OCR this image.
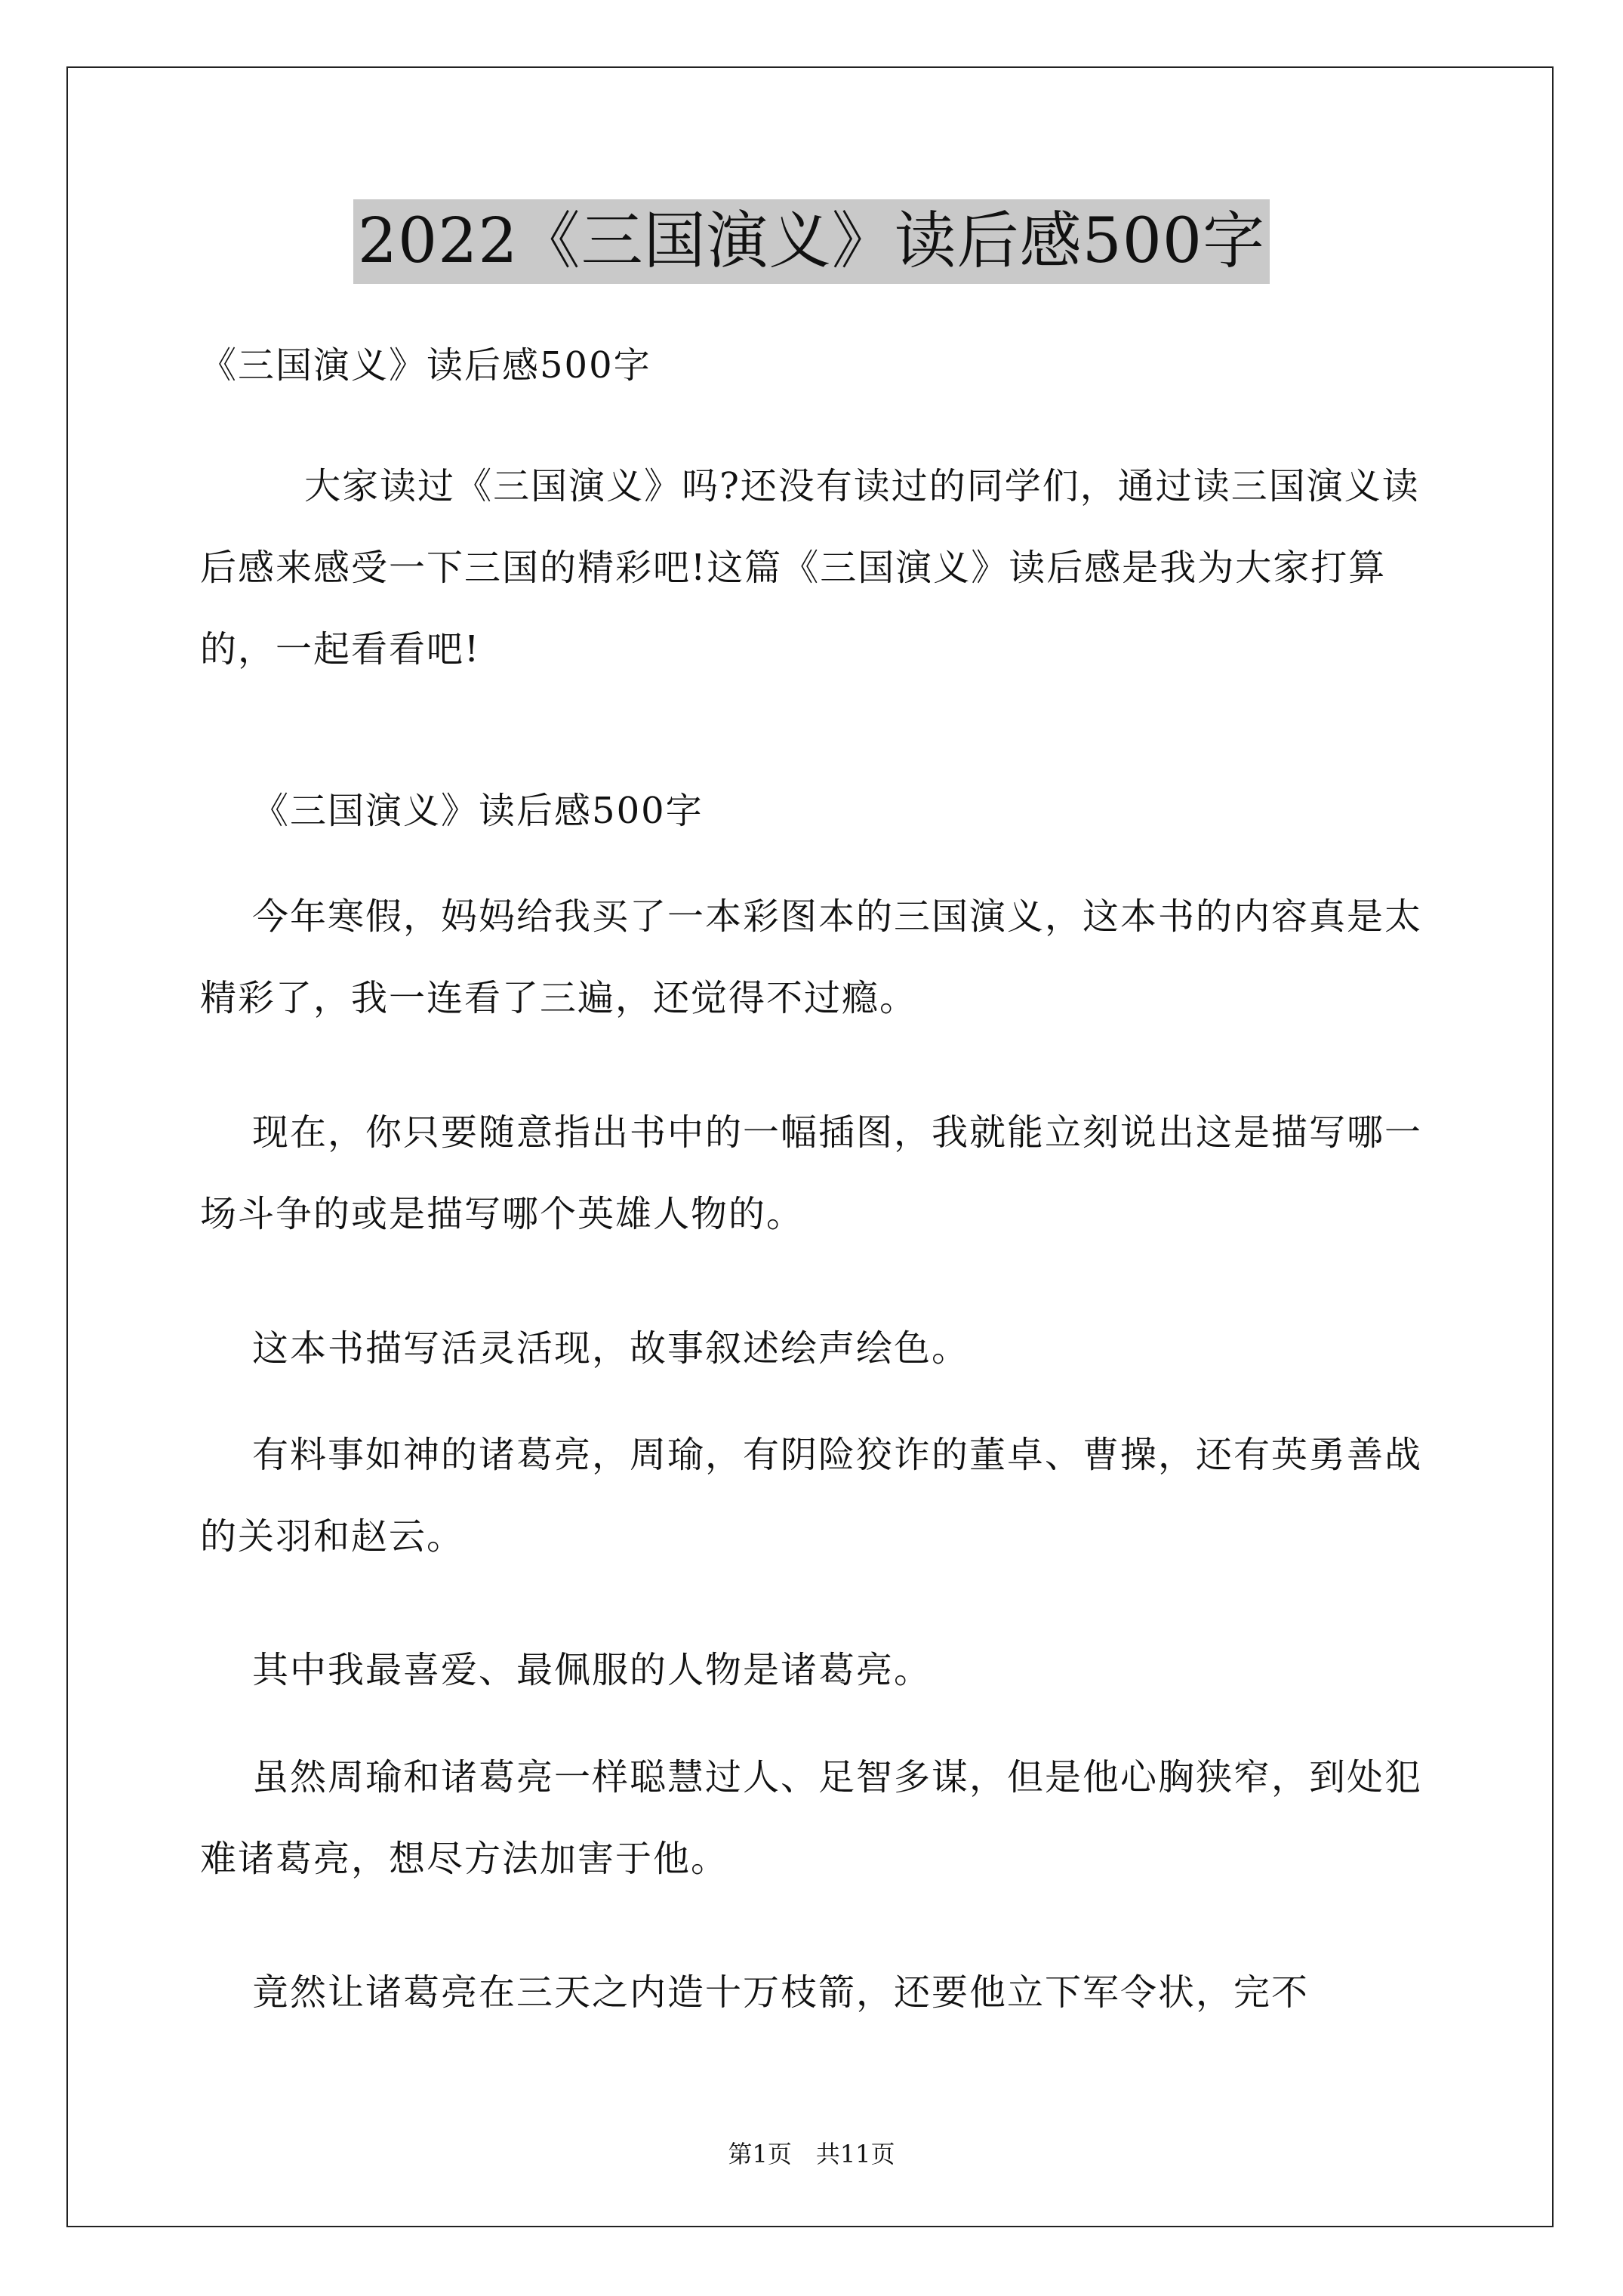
2022《三国演义》读后感500字

《三国演义》读后感500字

大家读过《三国演义》吗?还没有读过的同学们，通过读三国演义读后感来感受一下三国的精彩吧!这篇《三国演义》读后感是我为大家打算的，一起看看吧!

《三国演义》读后感500字

今年寒假，妈妈给我买了一本彩图本的三国演义，这本书的内容真是太精彩了，我一连看了三遍，还觉得不过瘾。

现在，你只要随意指出书中的一幅插图，我就能立刻说出这是描写哪一场斗争的或是描写哪个英雄人物的。

这本书描写活灵活现，故事叙述绘声绘色。

有料事如神的诸葛亮，周瑜，有阴险狡诈的董卓、曹操，还有英勇善战的关羽和赵云。

其中我最喜爱、最佩服的人物是诸葛亮。

虽然周瑜和诸葛亮一样聪慧过人、足智多谋，但是他心胸狭窄，到处犯难诸葛亮，想尽方法加害于他。

竟然让诸葛亮在三天之内造十万枝箭，还要他立下军令状，完不

第1页　共11页
